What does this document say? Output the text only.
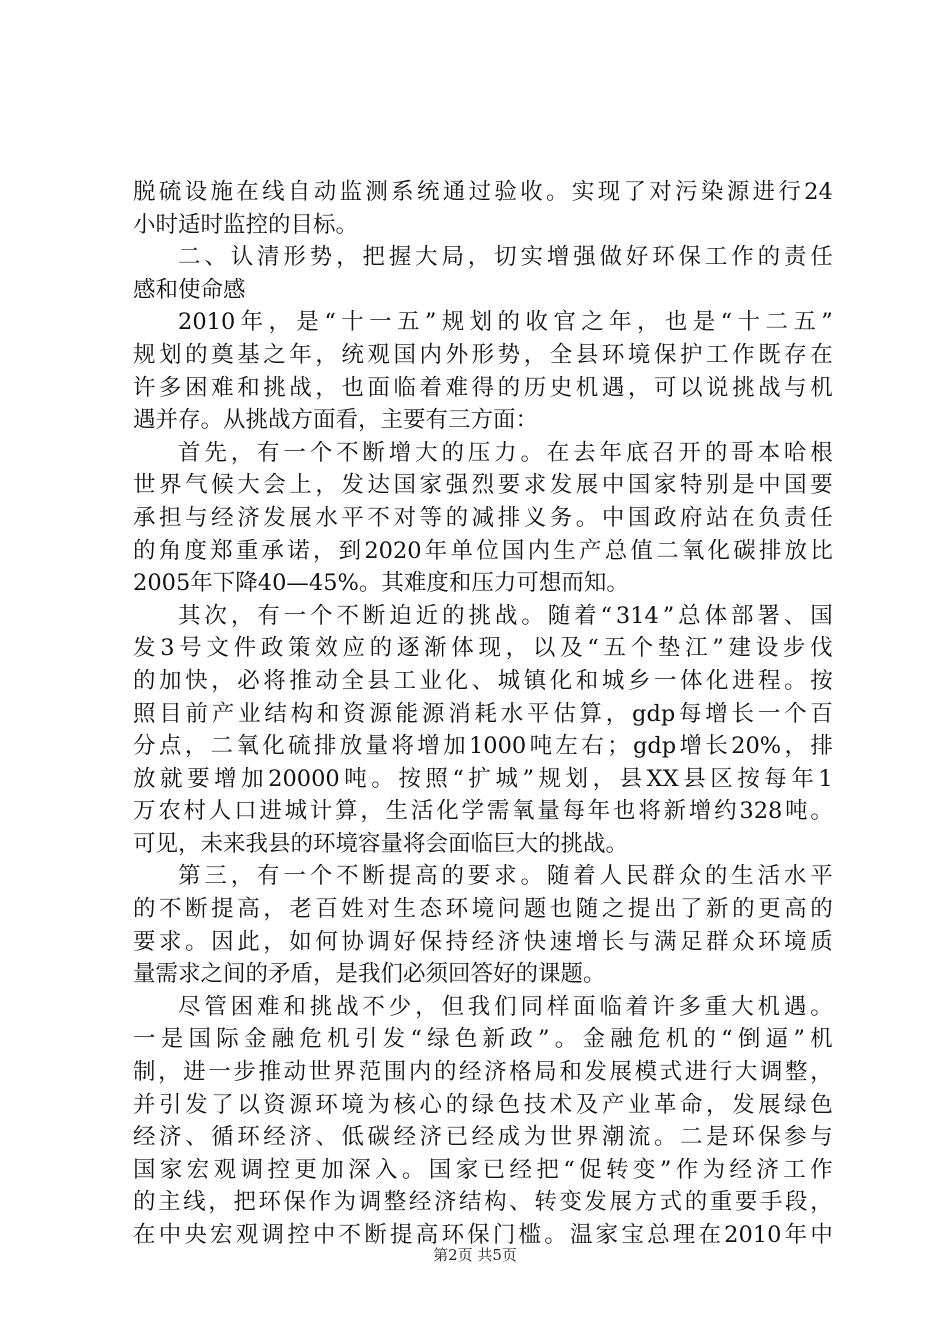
脱 硫 设 施 在 线 自 动 监 测 系 统 通 过 验 收 。 实 现 了 对 污 染 源 进 行 24
小时适时监控的目标。
二 、 认 清 形 势 ， 把 握 大 局 ， 切 实 增 强 做 好 环 保 工 作 的 责 任
感和使命感
2010 年 ， 是 “ 十 一 五 ” 规 划 的 收 官 之 年 ， 也 是 “ 十 二 五 ”
规 划 的 奠 基 之 年 ， 统 观 国 内 外 形 势 ， 全 县 环 境 保 护 工 作 既 存 在
许 多 困 难 和 挑 战 ， 也 面 临 着 难 得 的 历 史 机 遇 ， 可 以 说 挑 战 与 机
遇并存。从挑战方面看，主要有三方面：
首 先 ， 有 一 个 不 断 增 大 的 压 力 。 在 去 年 底 召 开 的 哥 本 哈 根
世 界 气 候 大 会 上 ， 发 达 国 家 强 烈 要 求 发 展 中 国 家 特 别 是 中 国 要
承 担 与 经 济 发 展 水 平 不 对 等 的 减 排 义 务 。 中 国 政 府 站 在 负 责 任
的 角 度 郑 重 承 诺 ， 到 2020 年 单 位 国 内 生 产 总 值 二 氧 化 碳 排 放 比
2005年下降40—45%。其难度和压力可想而知。
其 次 ， 有 一 个 不 断 迫 近 的 挑 战 。 随 着 “ 314 ” 总 体 部 署 、 国
发 3 号 文 件 政 策 效 应 的 逐 渐 体 现 ， 以 及 “ 五 个 垫 江 ” 建 设 步 伐
的 加 快 ， 必 将 推 动 全 县 工 业 化 、 城 镇 化 和 城 乡 一 体 化 进 程 。 按
照 目 前 产 业 结 构 和 资 源 能 源 消 耗 水 平 估 算 ， gdp 每 增 长 一 个 百
分 点 ， 二 氧 化 硫 排 放 量 将 增 加 1000 吨 左 右 ； gdp 增 长 20% ， 排
放 就 要 增 加 20000 吨 。 按 照 “ 扩 城 ” 规 划 ， 县 XX 县 区 按 每 年 1
万 农 村 人 口 进 城 计 算 ， 生 活 化 学 需 氧 量 每 年 也 将 新 增 约 328 吨 。
可见，未来我县的环境容量将会面临巨大的挑战。
第 三 ， 有 一 个 不 断 提 高 的 要 求 。 随 着 人 民 群 众 的 生 活 水 平
的 不 断 提 高 ， 老 百 姓 对 生 态 环 境 问 题 也 随 之 提 出 了 新 的 更 高 的
要 求 。 因 此 ， 如 何 协 调 好 保 持 经 济 快 速 增 长 与 满 足 群 众 环 境 质
量需求之间的矛盾，是我们必须回答好的课题。
尽 管 困 难 和 挑 战 不 少 ， 但 我 们 同 样 面 临 着 许 多 重 大 机 遇 。
一 是 国 际 金 融 危 机 引 发 “ 绿 色 新 政 ” 。 金 融 危 机 的 “ 倒 逼 ” 机
制 ， 进 一 步 推 动 世 界 范 围 内 的 经 济 格 局 和 发 展 模 式 进 行 大 调 整 ，
并 引 发 了 以 资 源 环 境 为 核 心 的 绿 色 技 术 及 产 业 革 命 ， 发 展 绿 色
经 济 、 循 环 经 济 、 低 碳 经 济 已 经 成 为 世 界 潮 流 。 二 是 环 保 参 与
国 家 宏 观 调 控 更 加 深 入 。 国 家 已 经 把 “ 促 转 变 ” 作 为 经 济 工 作
的 主 线 ， 把 环 保 作 为 调 整 经 济 结 构 、 转 变 发 展 方 式 的 重 要 手 段 ，
在 中 央 宏 观 调 控 中 不 断 提 高 环 保 门 槛 。 温 家 宝 总 理 在 2010 年 中
第2页 共5页
